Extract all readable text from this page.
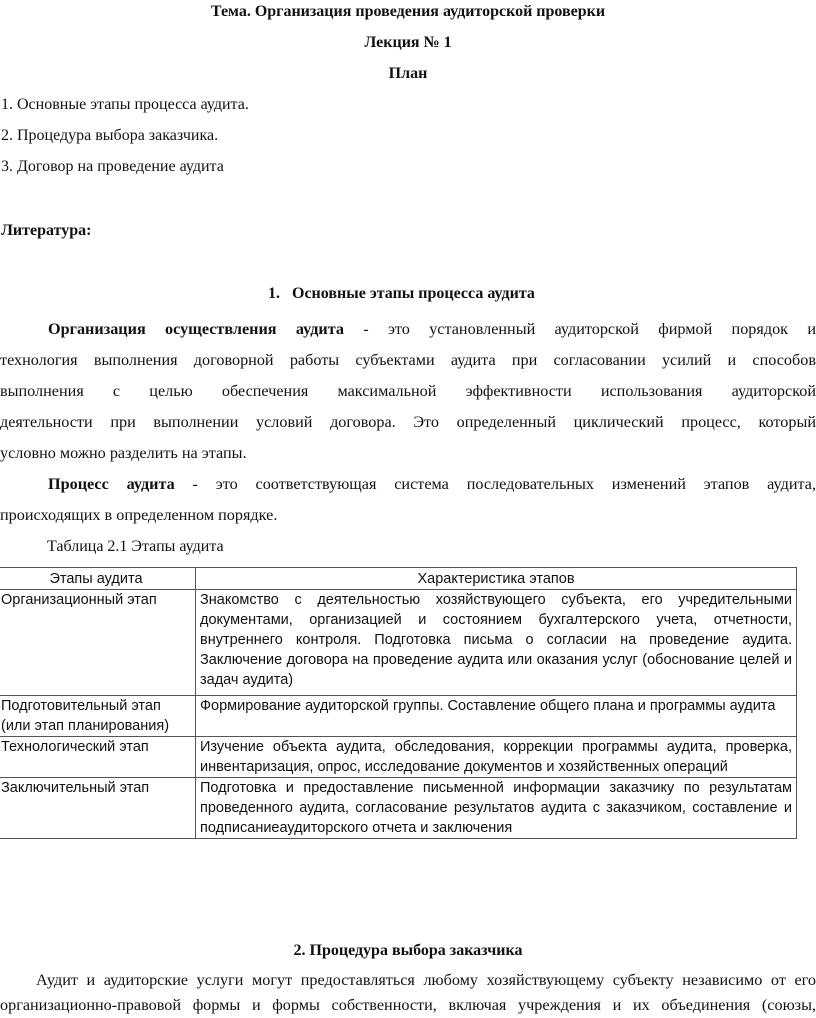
Тема. Организация проведения аудиторской проверки
Лекция № 1
План
1. Основные этапы процесса аудита.
2. Процедура выбора заказчика.
3. Договор на проведение аудита
Литература:
1. Основные этапы процесса аудита
Организация осуществления аудита - это установленный аудиторской фирмой порядок и
технология выполнения договорной работы субъектами аудита при согласовании усилий и способов
выполнения с целью обеспечения максимальной эффективности использования аудиторской
деятельности при выполнении условий договора. Это определенный циклический процесс, который
условно можно разделить на этапы.
Процесс аудита - это соответствующая система последовательных изменений этапов аудита,
происходящих в определенном порядке.
Таблица 2.1 Этапы аудита
Этапы аудита	Характеристика этапов
Организационный этап	Знакомство с деятельностью хозяйствующего субъекта, его учредительными документами, организацией и состоянием бухгалтерского учета, отчетности, внутреннего контроля. Подготовка письма о согласии на проведение аудита. Заключение договора на проведение аудита или оказания услуг (обоснование целей и задач аудита)

Подготовительный этап
(или этап планирования)	Формирование аудиторской группы. Составление общего плана и программы аудита
Технологический этап	Изучение объекта аудита, обследования, коррекции программы аудита, проверка, инвентаризация, опрос, исследование документов и хозяйственных операций
Заключительный этап	Подготовка и предоставление письменной информации заказчику по результатам проведенного аудита, согласование результатов аудита с заказчиком, составление и подписаниеаудиторского отчета и заключения
2. Процедура выбора заказчика
Аудит и аудиторские услуги могут предоставляться любому хозяйствующему субъекту независимо от его
организационно-правовой формы и формы собственности, включая учреждения и их объединения (союзы,
